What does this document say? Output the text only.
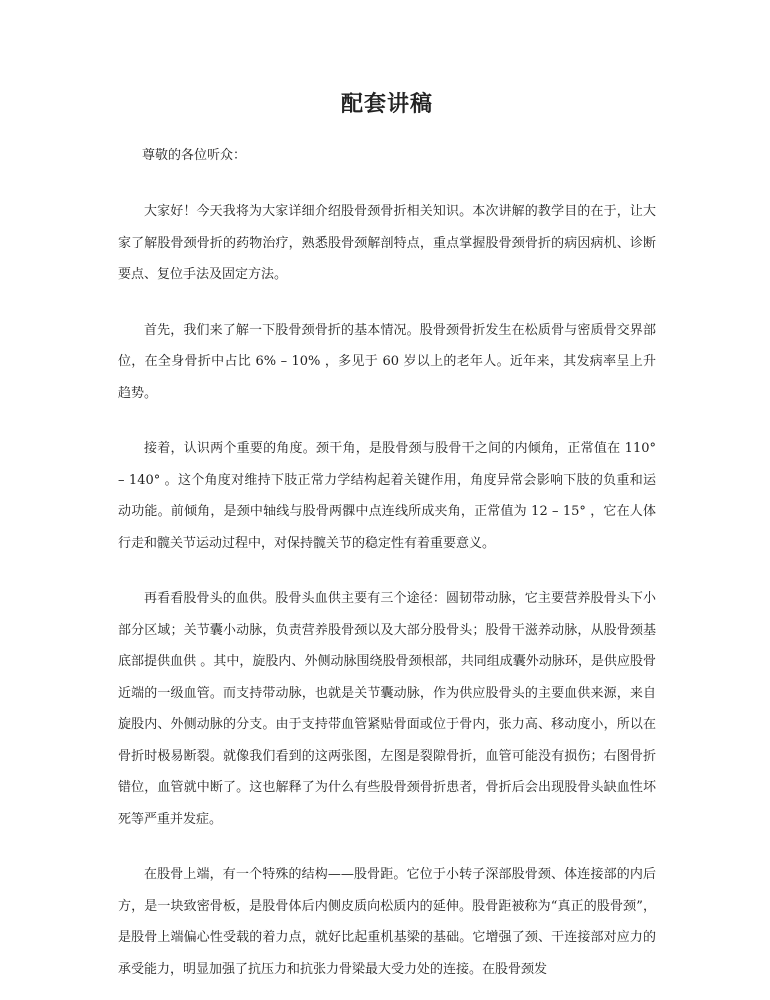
配套讲稿
尊敬的各位听众：

大家好！今天我将为大家详细介绍股骨颈骨折相关知识。本次讲解的教学目的在于，让大家了解股骨颈骨折的药物治疗，熟悉股骨颈解剖特点，重点掌握股骨颈骨折的病因病机、诊断要点、复位手法及固定方法。

首先，我们来了解一下股骨颈骨折的基本情况。股骨颈骨折发生在松质骨与密质骨交界部位，在全身骨折中占比 6% – 10% ，多见于 60 岁以上的老年人。近年来，其发病率呈上升趋势。

接着，认识两个重要的角度。颈干角，是股骨颈与股骨干之间的内倾角，正常值在 110° – 140° 。这个角度对维持下肢正常力学结构起着关键作用，角度异常会影响下肢的负重和运动功能。前倾角，是颈中轴线与股骨两髁中点连线所成夹角，正常值为 12 – 15° ，它在人体行走和髋关节运动过程中，对保持髋关节的稳定性有着重要意义。

再看看股骨头的血供。股骨头血供主要有三个途径：圆韧带动脉，它主要营养股骨头下小部分区域；关节囊小动脉，负责营养股骨颈以及大部分股骨头；股骨干滋养动脉，从股骨颈基底部提供血供 。其中，旋股内、外侧动脉围绕股骨颈根部，共同组成囊外动脉环，是供应股骨近端的一级血管。而支持带动脉，也就是关节囊动脉，作为供应股骨头的主要血供来源，来自旋股内、外侧动脉的分支。由于支持带血管紧贴骨面或位于骨内，张力高、移动度小，所以在骨折时极易断裂。就像我们看到的这两张图，左图是裂隙骨折，血管可能没有损伤；右图骨折错位，血管就中断了。这也解释了为什么有些股骨颈骨折患者，骨折后会出现股骨头缺血性坏死等严重并发症。

在股骨上端，有一个特殊的结构——股骨距。它位于小转子深部股骨颈、体连接部的内后方，是一块致密骨板，是股骨体后内侧皮质向松质内的延伸。股骨距被称为“真正的股骨颈”，是股骨上端偏心性受载的着力点，就好比起重机基梁的基础。它增强了颈、干连接部对应力的承受能力，明显加强了抗压力和抗张力骨梁最大受力处的连接。在股骨颈发
